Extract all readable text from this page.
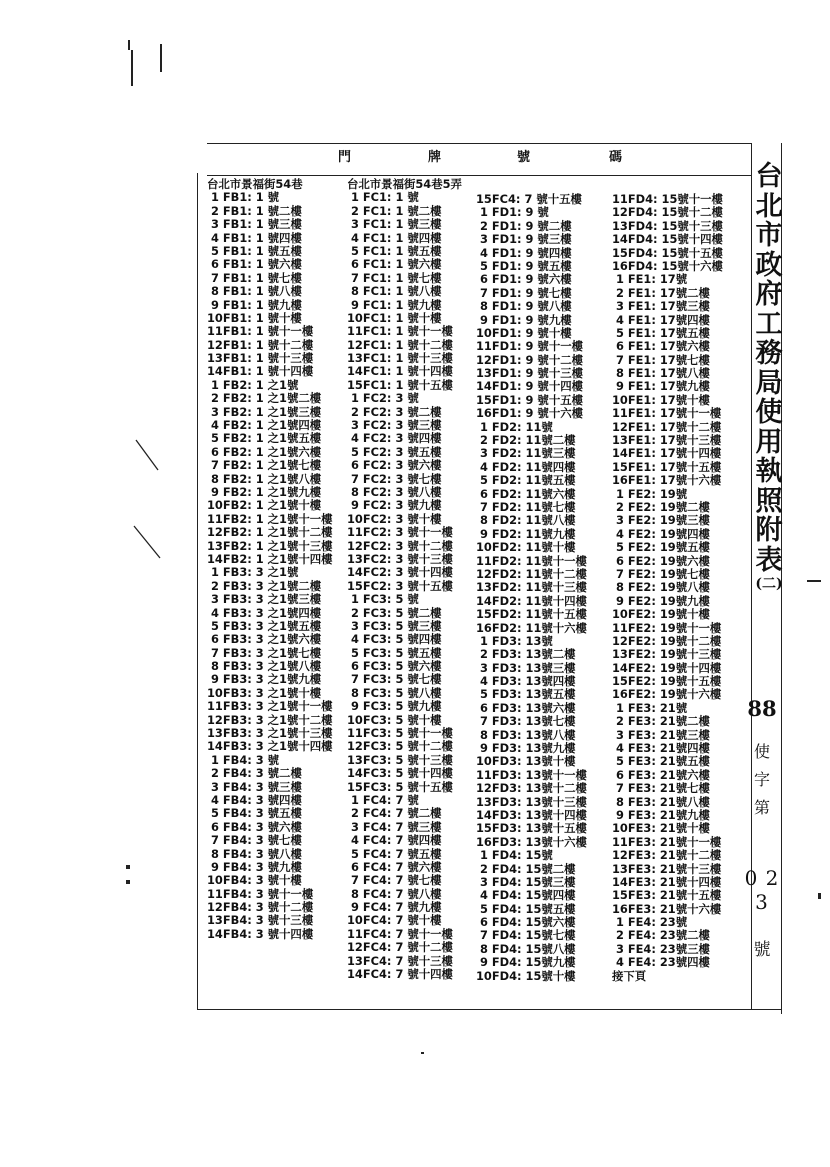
門	牌	號	碼
台北市景福街54巷
1 FB1: 1 號
2 FB1: 1 號二樓
3 FB1: 1 號三樓
4 FB1: 1 號四樓
5 FB1: 1 號五樓
6 FB1: 1 號六樓
7 FB1: 1 號七樓
8 FB1: 1 號八樓
9 FB1: 1 號九樓
10FB1: 1 號十樓
11FB1: 1 號十一樓
12FB1: 1 號十二樓
13FB1: 1 號十三樓
14FB1: 1 號十四樓
1 FB2: 1 之1號
2 FB2: 1 之1號二樓
3 FB2: 1 之1號三樓
4 FB2: 1 之1號四樓
5 FB2: 1 之1號五樓
6 FB2: 1 之1號六樓
7 FB2: 1 之1號七樓
8 FB2: 1 之1號八樓
9 FB2: 1 之1號九樓
10FB2: 1 之1號十樓
11FB2: 1 之1號十一樓
12FB2: 1 之1號十二樓
13FB2: 1 之1號十三樓
14FB2: 1 之1號十四樓
1 FB3: 3 之1號
2 FB3: 3 之1號二樓
3 FB3: 3 之1號三樓
4 FB3: 3 之1號四樓
5 FB3: 3 之1號五樓
6 FB3: 3 之1號六樓
7 FB3: 3 之1號七樓
8 FB3: 3 之1號八樓
9 FB3: 3 之1號九樓
10FB3: 3 之1號十樓
11FB3: 3 之1號十一樓
12FB3: 3 之1號十二樓
13FB3: 3 之1號十三樓
14FB3: 3 之1號十四樓
1 FB4: 3 號
2 FB4: 3 號二樓
3 FB4: 3 號三樓
4 FB4: 3 號四樓
5 FB4: 3 號五樓
6 FB4: 3 號六樓
7 FB4: 3 號七樓
8 FB4: 3 號八樓
9 FB4: 3 號九樓
10FB4: 3 號十樓
11FB4: 3 號十一樓
12FB4: 3 號十二樓
13FB4: 3 號十三樓
14FB4: 3 號十四樓
台北市景福街54巷5弄
1 FC1: 1 號
2 FC1: 1 號二樓
3 FC1: 1 號三樓
4 FC1: 1 號四樓
5 FC1: 1 號五樓
6 FC1: 1 號六樓
7 FC1: 1 號七樓
8 FC1: 1 號八樓
9 FC1: 1 號九樓
10FC1: 1 號十樓
11FC1: 1 號十一樓
12FC1: 1 號十二樓
13FC1: 1 號十三樓
14FC1: 1 號十四樓
15FC1: 1 號十五樓
1 FC2: 3 號
2 FC2: 3 號二樓
3 FC2: 3 號三樓
4 FC2: 3 號四樓
5 FC2: 3 號五樓
6 FC2: 3 號六樓
7 FC2: 3 號七樓
8 FC2: 3 號八樓
9 FC2: 3 號九樓
10FC2: 3 號十樓
11FC2: 3 號十一樓
12FC2: 3 號十二樓
13FC2: 3 號十三樓
14FC2: 3 號十四樓
15FC2: 3 號十五樓
1 FC3: 5 號
2 FC3: 5 號二樓
3 FC3: 5 號三樓
4 FC3: 5 號四樓
5 FC3: 5 號五樓
6 FC3: 5 號六樓
7 FC3: 5 號七樓
8 FC3: 5 號八樓
9 FC3: 5 號九樓
10FC3: 5 號十樓
11FC3: 5 號十一樓
12FC3: 5 號十二樓
13FC3: 5 號十三樓
14FC3: 5 號十四樓
15FC3: 5 號十五樓
1 FC4: 7 號
2 FC4: 7 號二樓
3 FC4: 7 號三樓
4 FC4: 7 號四樓
5 FC4: 7 號五樓
6 FC4: 7 號六樓
7 FC4: 7 號七樓
8 FC4: 7 號八樓
9 FC4: 7 號九樓
10FC4: 7 號十樓
11FC4: 7 號十一樓
12FC4: 7 號十二樓
13FC4: 7 號十三樓
14FC4: 7 號十四樓
15FC4: 7 號十五樓
1 FD1: 9 號
2 FD1: 9 號二樓
3 FD1: 9 號三樓
4 FD1: 9 號四樓
5 FD1: 9 號五樓
6 FD1: 9 號六樓
7 FD1: 9 號七樓
8 FD1: 9 號八樓
9 FD1: 9 號九樓
10FD1: 9 號十樓
11FD1: 9 號十一樓
12FD1: 9 號十二樓
13FD1: 9 號十三樓
14FD1: 9 號十四樓
15FD1: 9 號十五樓
16FD1: 9 號十六樓
1 FD2: 11號
2 FD2: 11號二樓
3 FD2: 11號三樓
4 FD2: 11號四樓
5 FD2: 11號五樓
6 FD2: 11號六樓
7 FD2: 11號七樓
8 FD2: 11號八樓
9 FD2: 11號九樓
10FD2: 11號十樓
11FD2: 11號十一樓
12FD2: 11號十二樓
13FD2: 11號十三樓
14FD2: 11號十四樓
15FD2: 11號十五樓
16FD2: 11號十六樓
1 FD3: 13號
2 FD3: 13號二樓
3 FD3: 13號三樓
4 FD3: 13號四樓
5 FD3: 13號五樓
6 FD3: 13號六樓
7 FD3: 13號七樓
8 FD3: 13號八樓
9 FD3: 13號九樓
10FD3: 13號十樓
11FD3: 13號十一樓
12FD3: 13號十二樓
13FD3: 13號十三樓
14FD3: 13號十四樓
15FD3: 13號十五樓
16FD3: 13號十六樓
1 FD4: 15號
2 FD4: 15號二樓
3 FD4: 15號三樓
4 FD4: 15號四樓
5 FD4: 15號五樓
6 FD4: 15號六樓
7 FD4: 15號七樓
8 FD4: 15號八樓
9 FD4: 15號九樓
10FD4: 15號十樓
11FD4: 15號十一樓
12FD4: 15號十二樓
13FD4: 15號十三樓
14FD4: 15號十四樓
15FD4: 15號十五樓
16FD4: 15號十六樓
1 FE1: 17號
2 FE1: 17號二樓
3 FE1: 17號三樓
4 FE1: 17號四樓
5 FE1: 17號五樓
6 FE1: 17號六樓
7 FE1: 17號七樓
8 FE1: 17號八樓
9 FE1: 17號九樓
10FE1: 17號十樓
11FE1: 17號十一樓
12FE1: 17號十二樓
13FE1: 17號十三樓
14FE1: 17號十四樓
15FE1: 17號十五樓
16FE1: 17號十六樓
1 FE2: 19號
2 FE2: 19號二樓
3 FE2: 19號三樓
4 FE2: 19號四樓
5 FE2: 19號五樓
6 FE2: 19號六樓
7 FE2: 19號七樓
8 FE2: 19號八樓
9 FE2: 19號九樓
10FE2: 19號十樓
11FE2: 19號十一樓
12FE2: 19號十二樓
13FE2: 19號十三樓
14FE2: 19號十四樓
15FE2: 19號十五樓
16FE2: 19號十六樓
1 FE3: 21號
2 FE3: 21號二樓
3 FE3: 21號三樓
4 FE3: 21號四樓
5 FE3: 21號五樓
6 FE3: 21號六樓
7 FE3: 21號七樓
8 FE3: 21號八樓
9 FE3: 21號九樓
10FE3: 21號十樓
11FE3: 21號十一樓
12FE3: 21號十二樓
13FE3: 21號十三樓
14FE3: 21號十四樓
15FE3: 21號十五樓
16FE3: 21號十六樓
1 FE4: 23號
2 FE4: 23號二樓
3 FE4: 23號三樓
4 FE4: 23號四樓
接下頁
台
北
市
政
府
工
務
局
使
用
執
照
附
表
(二)
88
使
字
第
0 2 3
號
